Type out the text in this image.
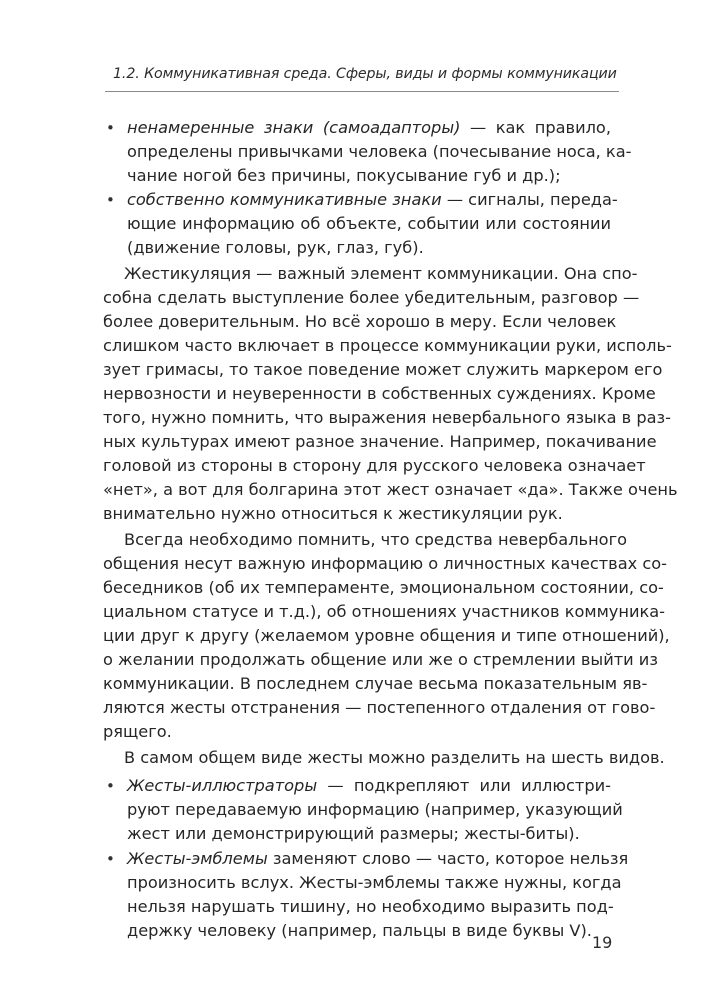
1.2. Коммуникативная среда. Сферы, виды и формы коммуникации
•
ненамеренные знаки (самоадапторы) — как правило,
определены привычками человека (почесывание носа, ка-
чание ногой без причины, покусывание губ и др.);
•
собственно коммуникативные знаки — сигналы, переда-
ющие информацию об объекте, событии или состоянии
(движение головы, рук, глаз, губ).
Жестикуляция — важный элемент коммуникации. Она спо-
собна сделать выступление более убедительным, разговор —
более доверительным. Но всё хорошо в меру. Если человек
слишком часто включает в процессе коммуникации руки, исполь-
зует гримасы, то такое поведение может служить маркером его
нервозности и неуверенности в собственных суждениях. Кроме
того, нужно помнить, что выражения невербального языка в раз-
ных культурах имеют разное значение. Например, покачивание
головой из стороны в сторону для русского человека означает
«нет», а вот для болгарина этот жест означает «да». Также очень
внимательно нужно относиться к жестикуляции рук.
Всегда необходимо помнить, что средства невербального
общения несут важную информацию о личностных качествах со-
беседников (об их темпераменте, эмоциональном состоянии, со-
циальном статусе и т.д.), об отношениях участников коммуника-
ции друг к другу (желаемом уровне общения и типе отношений),
о желании продолжать общение или же о стремлении выйти из
коммуникации. В последнем случае весьма показательным яв-
ляются жесты отстранения — постепенного отдаления от гово-
рящего.
В самом общем виде жесты можно разделить на шесть видов.
•
Жесты-иллюстраторы — подкрепляют или иллюстри-
руют передаваемую информацию (например, указующий
жест или демонстрирующий размеры; жесты-биты).
•
Жесты-эмблемы заменяют слово — часто, которое нельзя
произносить вслух. Жесты-эмблемы также нужны, когда
нельзя нарушать тишину, но необходимо выразить под-
держку человеку (например, пальцы в виде буквы V).
19
